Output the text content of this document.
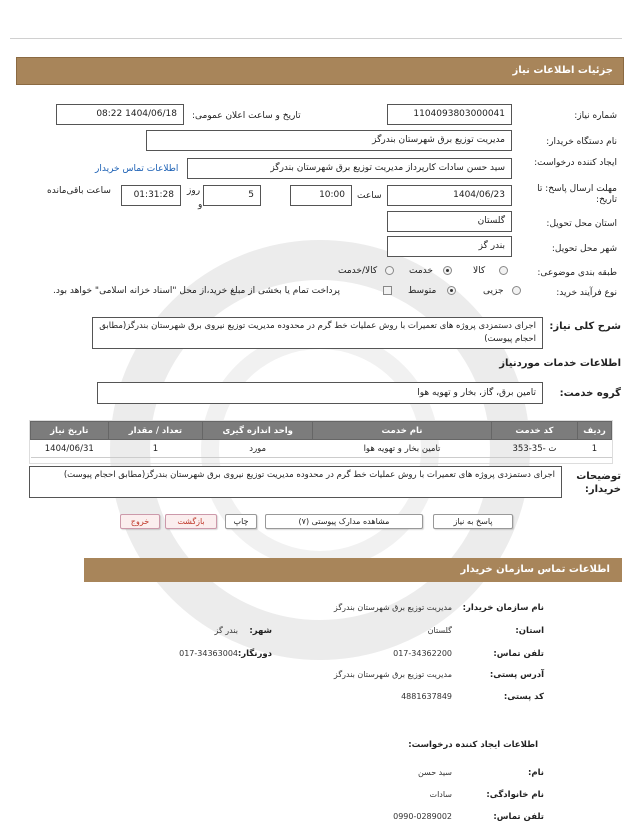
جزئیات اطلاعات نیاز
شماره نیاز:
1104093803000041
تاریخ و ساعت اعلان عمومی:
1404/06/18 08:22
نام دستگاه خریدار:
مدیریت توزیع برق شهرستان بندرگز
ایجاد کننده درخواست:
سید حسن سادات کارپرداز مدیریت توزیع برق شهرستان بندرگز
اطلاعات تماس خریدار
مهلت ارسال پاسخ: تا تاریخ:
1404/06/23
ساعت
10:00
5
روز
و
01:31:28
ساعت باقی‌مانده
استان محل تحویل:
گلستان
شهر محل تحویل:
بندر گز
طبقه بندی موضوعی:
کالا
خدمت
کالا/خدمت
نوع فرآیند خرید:
جزیی
متوسط
پرداخت تمام یا بخشی از مبلغ خرید،از محل "اسناد خزانه اسلامی" خواهد بود.
شرح کلی نیاز:
اجرای دستمزدی پروژه های تعمیرات با روش عملیات خط گرم در محدوده مدیریت توزیع نیروی برق شهرستان بندرگز(مطابق احجام پیوست)
اطلاعات خدمات موردنیاز
گروه خدمت:
تامین برق، گاز، بخار و تهویه هوا
ردیف	کد خدمت	نام خدمت	واحد اندازه گیری	تعداد / مقدار	تاریخ نیاز
1	ت -35-353	تامین بخار و تهویه هوا	مورد	1	1404/06/31
توضیحات خریدار:
اجرای دستمزدی پروژه های تعمیرات با روش عملیات خط گرم در محدوده مدیریت توزیع نیروی برق شهرستان بندرگز(مطابق احجام پیوست)
پاسخ به نیاز
مشاهده مدارک پیوستی (۷)
چاپ
بازگشت
خروج
اطلاعات تماس سازمان خریدار
نام سازمان خریدار:
مدیریت توزیع برق شهرستان بندرگز
استان:
گلستان
شهر:
بندر گز
تلفن تماس:
017-34362200
دورنگار:
017-34363004
آدرس پستی:
مدیریت توزیع برق شهرستان بندرگز
کد پستی:
4881637849
اطلاعات ایجاد کننده درخواست:
نام:
سید حسن
نام خانوادگی:
سادات
تلفن تماس:
0990-0289002
